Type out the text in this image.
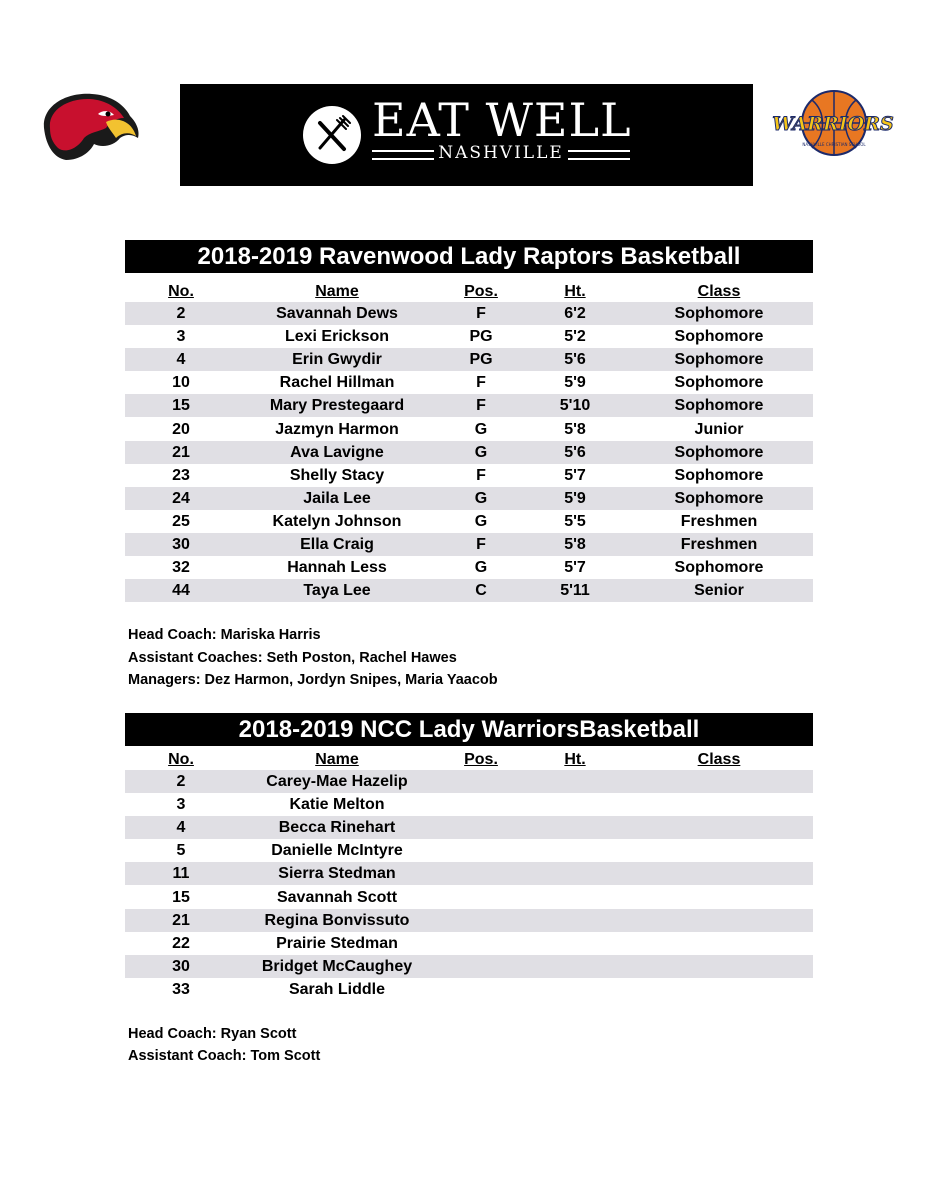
WARRIORS
NASHVILLE CHRISTIAN SCHOOL
EAT WELL
NASHVILLE
2018-2019 Ravenwood Lady Raptors Basketball
No.	Name	Pos.	Ht.	Class
2	Savannah Dews	F	6'2	Sophomore
3	Lexi Erickson	PG	5'2	Sophomore
4	Erin Gwydir	PG	5'6	Sophomore
10	Rachel Hillman	F	5'9	Sophomore
15	Mary Prestegaard	F	5'10	Sophomore
20	Jazmyn Harmon	G	5'8	Junior
21	Ava Lavigne	G	5'6	Sophomore
23	Shelly Stacy	F	5'7	Sophomore
24	Jaila Lee	G	5'9	Sophomore
25	Katelyn Johnson	G	5'5	Freshmen
30	Ella Craig	F	5'8	Freshmen
32	Hannah Less	G	5'7	Sophomore
44	Taya Lee	C	5'11	Senior
Head Coach: Mariska Harris
Assistant Coaches: Seth Poston, Rachel Hawes
Managers: Dez Harmon, Jordyn Snipes, Maria Yaacob
2018-2019 NCC Lady WarriorsBasketball
No.	Name	Pos.	Ht.	Class
2	Carey-Mae Hazelip
3	Katie Melton
4	Becca Rinehart
5	Danielle McIntyre
11	Sierra Stedman
15	Savannah Scott
21	Regina Bonvissuto
22	Prairie Stedman
30	Bridget McCaughey
33	Sarah Liddle
Head Coach: Ryan Scott
Assistant Coach: Tom Scott
